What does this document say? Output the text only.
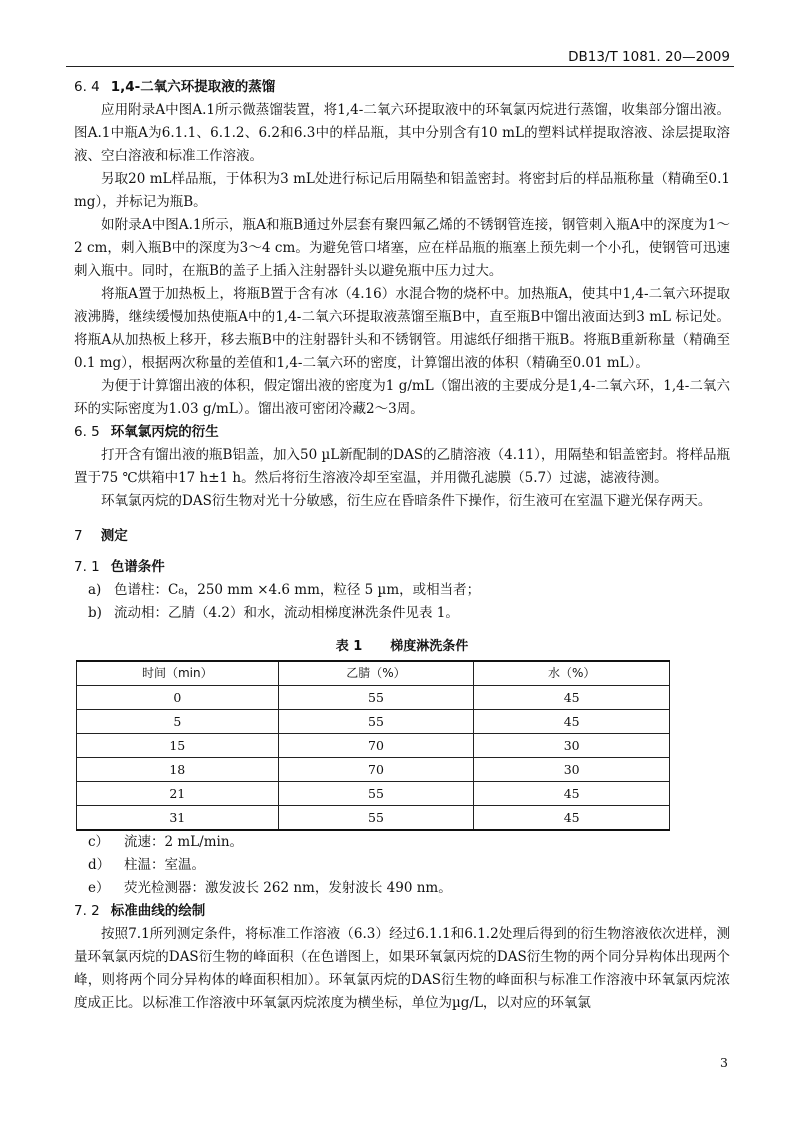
DB13/T 1081. 20—2009
6. 4 1,4-二氧六环提取液的蒸馏

应用附录A中图A.1所示微蒸馏装置，将1,4-二氧六环提取液中的环氧氯丙烷进行蒸馏，收集部分馏出液。图A.1中瓶A为6.1.1、6.1.2、6.2和6.3中的样品瓶，其中分别含有10 mL的塑料试样提取溶液、涂层提取溶液、空白溶液和标准工作溶液。

另取20 mL样品瓶，于体积为3 mL处进行标记后用隔垫和铝盖密封。将密封后的样品瓶称量（精确至0.1 mg），并标记为瓶B。

如附录A中图A.1所示，瓶A和瓶B通过外层套有聚四氟乙烯的不锈钢管连接，钢管刺入瓶A中的深度为1～2 cm，刺入瓶B中的深度为3～4 cm。为避免管口堵塞，应在样品瓶的瓶塞上预先刺一个小孔，使钢管可迅速刺入瓶中。同时，在瓶B的盖子上插入注射器针头以避免瓶中压力过大。

将瓶A置于加热板上，将瓶B置于含有冰（4.16）水混合物的烧杯中。加热瓶A，使其中1,4-二氧六环提取液沸腾，继续缓慢加热使瓶A中的1,4-二氧六环提取液蒸馏至瓶B中，直至瓶B中馏出液面达到3 mL 标记处。将瓶A从加热板上移开，移去瓶B中的注射器针头和不锈钢管。用滤纸仔细揩干瓶B。将瓶B重新称量（精确至0.1 mg），根据两次称量的差值和1,4-二氧六环的密度，计算馏出液的体积（精确至0.01 mL）。

为便于计算馏出液的体积，假定馏出液的密度为1 g/mL（馏出液的主要成分是1,4-二氧六环，1,4-二氧六环的实际密度为1.03 g/mL）。馏出液可密闭冷藏2～3周。

6. 5 环氧氯丙烷的衍生

打开含有馏出液的瓶B铝盖，加入50 µL新配制的DAS的乙腈溶液（4.11），用隔垫和铝盖密封。将样品瓶置于75 ℃烘箱中17 h±1 h。然后将衍生溶液冷却至室温，并用微孔滤膜（5.7）过滤，滤液待测。

环氧氯丙烷的DAS衍生物对光十分敏感，衍生应在昏暗条件下操作，衍生液可在室温下避光保存两天。

7 测定
7. 1 色谱条件
a) 色谱柱：C₈，250 mm ×4.6 mm，粒径 5 µm，或相当者；
b) 流动相：乙腈（4.2）和水，流动相梯度淋洗条件见表 1。
表 1 梯度淋洗条件
时间（min）	乙腈（%）	水（%）
0	55	45
5	55	45
15	70	30
18	70	30
21	55	45
31	55	45
c） 流速：2 mL/min。
d） 柱温：室温。
e） 荧光检测器：激发波长 262 nm，发射波长 490 nm。
7. 2 标准曲线的绘制

按照7.1所列测定条件，将标准工作溶液（6.3）经过6.1.1和6.1.2处理后得到的衍生物溶液依次进样，测量环氧氯丙烷的DAS衍生物的峰面积（在色谱图上，如果环氧氯丙烷的DAS衍生物的两个同分异构体出现两个峰，则将两个同分异构体的峰面积相加）。环氧氯丙烷的DAS衍生物的峰面积与标准工作溶液中环氧氯丙烷浓度成正比。以标准工作溶液中环氧氯丙烷浓度为横坐标，单位为µg/L，以对应的环氧氯

3
